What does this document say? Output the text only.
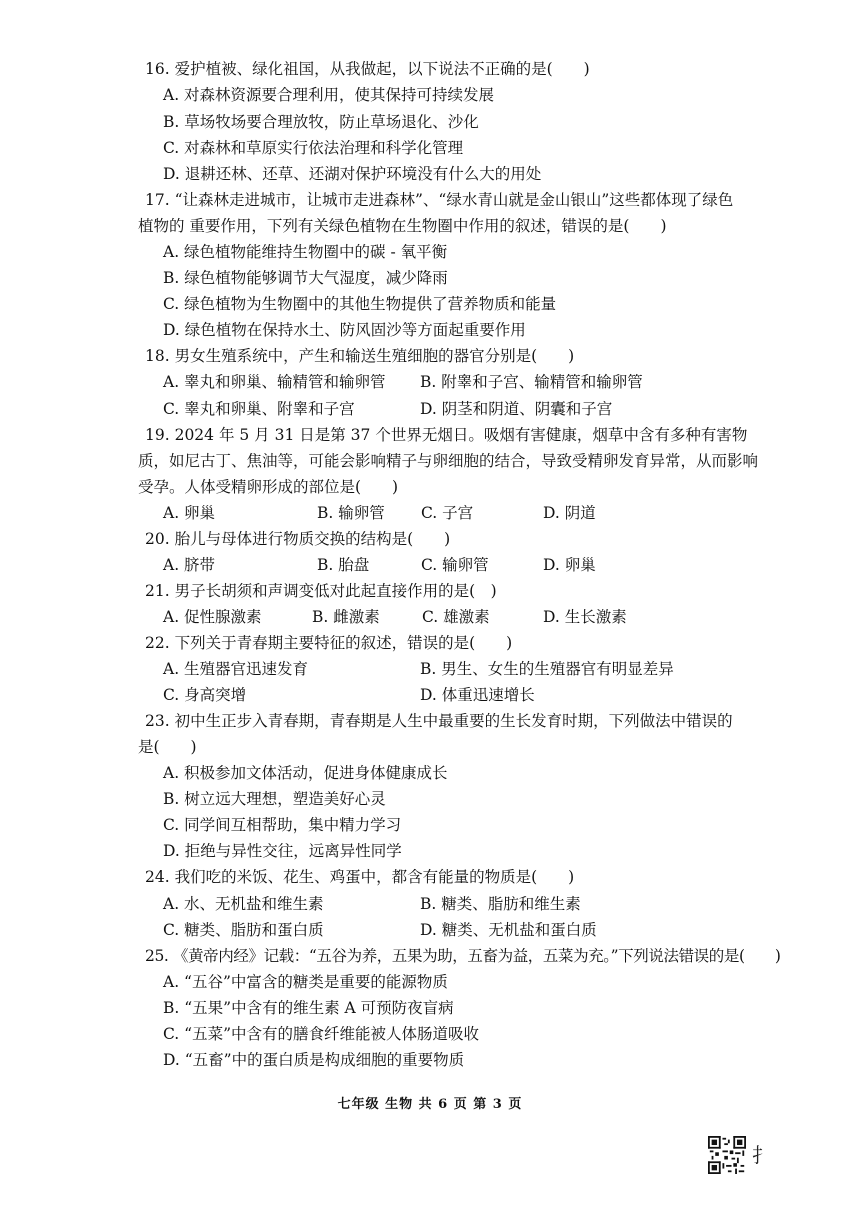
16. 爱护植被、绿化祖国，从我做起，以下说法不正确的是(　　)
A. 对森林资源要合理利用，使其保持可持续发展
B. 草场牧场要合理放牧，防止草场退化、沙化
C. 对森林和草原实行依法治理和科学化管理
D. 退耕还林、还草、还湖对保护环境没有什么大的用处
17. “让森林走进城市，让城市走进森林”、“绿水青山就是金山银山”这些都体现了绿色
植物的 重要作用，下列有关绿色植物在生物圈中作用的叙述，错误的是(　　)
A. 绿色植物能维持生物圈中的碳 - 氧平衡
B. 绿色植物能够调节大气湿度，减少降雨
C. 绿色植物为生物圈中的其他生物提供了营养物质和能量
D. 绿色植物在保持水土、防风固沙等方面起重要作用
18. 男女生殖系统中，产生和输送生殖细胞的器官分别是(　　)
A. 睾丸和卵巢、输精管和输卵管 B. 附睾和子宫、输精管和输卵管
C. 睾丸和卵巢、附睾和子宫	D. 阴茎和阴道、阴囊和子宫
19. 2024 年 5 月 31 日是第 37 个世界无烟日。吸烟有害健康，烟草中含有多种有害物
质，如尼古丁、焦油等，可能会影响精子与卵细胞的结合，导致受精卵发育异常，从而影响
受孕。人体受精卵形成的部位是(　　)
A. 卵巢	B. 输卵管 C. 子宫	D. 阴道
20. 胎儿与母体进行物质交换的结构是(　　)
A. 脐带	B. 胎盘	C. 输卵管	D. 卵巢
21. 男子长胡须和声调变低对此起直接作用的是(　)
A. 促性腺激素	B. 雌激素	C. 雄激素	D. 生长激素
22. 下列关于青春期主要特征的叙述，错误的是(　　)
A. 生殖器官迅速发育	B. 男生、女生的生殖器官有明显差异
C. 身高突增	D. 体重迅速增长
23. 初中生正步入青春期，青春期是人生中最重要的生长发育时期，下列做法中错误的
是(　　)
A. 积极参加文体活动，促进身体健康成长
B. 树立远大理想，塑造美好心灵
C. 同学间互相帮助，集中精力学习
D. 拒绝与异性交往，远离异性同学
24. 我们吃的米饭、花生、鸡蛋中，都含有能量的物质是(　　)
A. 水、无机盐和维生素	B. 糖类、脂肪和维生素
C. 糖类、脂肪和蛋白质	D. 糖类、无机盐和蛋白质
25. 《黄帝内经》记载：“五谷为养，五果为助，五畜为益，五菜为充。”下列说法错误的是(　　)
A. “五谷”中富含的糖类是重要的能源物质
B. “五果”中含有的维生素 A 可预防夜盲病
C. “五菜”中含有的膳食纤维能被人体肠道吸收
D. “五畜”中的蛋白质是构成细胞的重要物质
七年级 生物 共 6 页 第 3 页
扌
